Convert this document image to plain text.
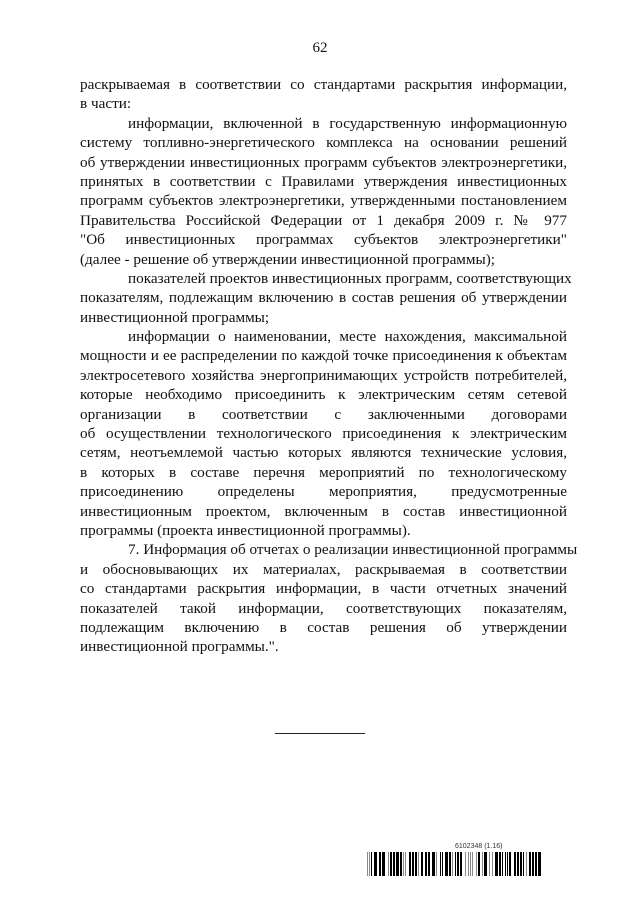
62
раскрываемая в соответствии со стандартами раскрытия информации,
в части:
информации, включенной в государственную информационную
систему топливно-энергетического комплекса на основании решений
об утверждении инвестиционных программ субъектов электроэнергетики,
принятых в соответствии с Правилами утверждения инвестиционных
программ субъектов электроэнергетики, утвержденными постановлением
Правительства Российской Федерации от 1 декабря 2009 г. № 977
"Об инвестиционных программах субъектов электроэнергетики"
(далее - решение об утверждении инвестиционной программы);
показателей проектов инвестиционных программ, соответствующих
показателям, подлежащим включению в состав решения об утверждении
инвестиционной программы;
информации о наименовании, месте нахождения, максимальной
мощности и ее распределении по каждой точке присоединения к объектам
электросетевого хозяйства энергопринимающих устройств потребителей,
которые необходимо присоединить к электрическим сетям сетевой
организации в соответствии с заключенными договорами
об осуществлении технологического присоединения к электрическим
сетям, неотъемлемой частью которых являются технические условия,
в которых в составе перечня мероприятий по технологическому
присоединению определены мероприятия, предусмотренные
инвестиционным проектом, включенным в состав инвестиционной
программы (проекта инвестиционной программы).
7. Информация об отчетах о реализации инвестиционной программы
и обосновывающих их материалах, раскрываемая в соответствии
со стандартами раскрытия информации, в части отчетных значений
показателей такой информации, соответствующих показателям,
подлежащим включению в состав решения об утверждении
инвестиционной программы.".
6102348 (1.16)
